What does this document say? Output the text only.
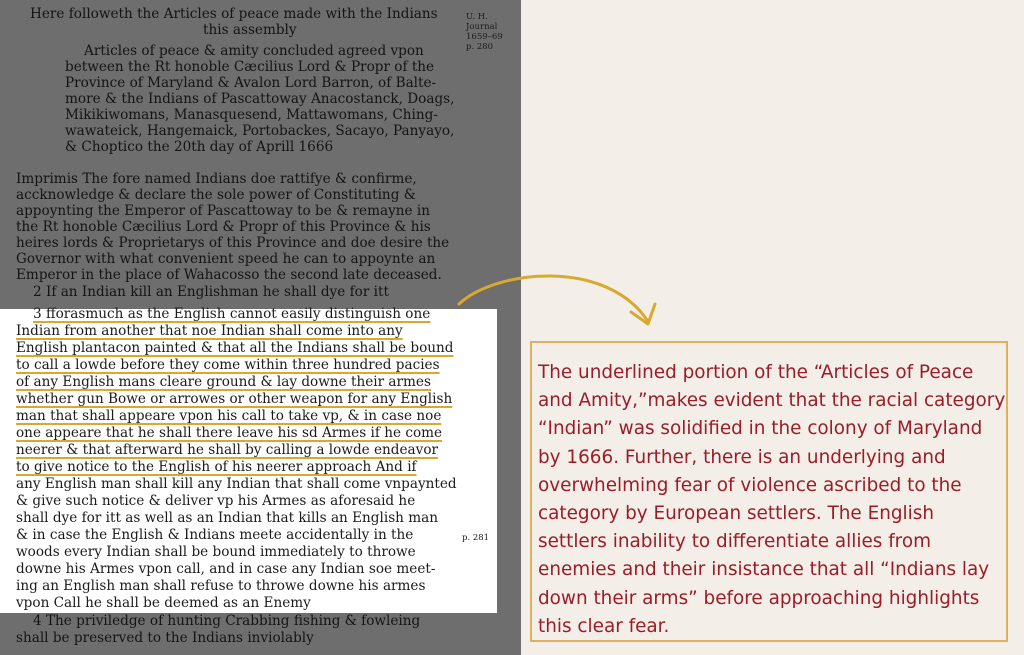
Here followeth the Articles of peace made with the Indians
this assembly
Articles of peace & amity concluded agreed vpon
between the Rt honoble Cæcilius Lord & Propr of the
Province of Maryland & Avalon Lord Barron, of Balte-
more & the Indians of Pascattoway Anacostanck, Doags,
Mikikiwomans, Manasquesend, Mattawomans, Ching-
wawateick, Hangemaick, Portobackes, Sacayo, Panyayo,
& Choptico the 20th day of Aprill 1666
Imprimis The fore named Indians doe rattifye & confirme,
accknowledge & declare the sole power of Constituting &
appoynting the Emperor of Pascattoway to be & remayne in
the Rt honoble Cæcilius Lord & Propr of this Province & his
heires lords & Proprietarys of this Province and doe desire the
Governor with what convenient speed he can to appoynte an
Emperor in the place of Wahacosso the second late deceased.
2 If an Indian kill an Englishman he shall dye for itt
3 fforasmuch as the English cannot easily distinguish one
Indian from another that noe Indian shall come into any
English plantacon painted & that all the Indians shall be bound
to call a lowde before they come within three hundred pacies
of any English mans cleare ground & lay downe their armes
whether gun Bowe or arrowes or other weapon for any English
man that shall appeare vpon his call to take vp, & in case noe
one appeare that he shall there leave his sd Armes if he come
neerer & that afterward he shall by calling a lowde endeavor
to give notice to the English of his neerer approach And if
any English man shall kill any Indian that shall come vnpaynted
& give such notice & deliver vp his Armes as aforesaid he
shall dye for itt as well as an Indian that kills an English man
& in case the English & Indians meete accidentally in the
woods every Indian shall be bound immediately to throwe
downe his Armes vpon call, and in case any Indian soe meet-
ing an English man shall refuse to throwe downe his armes
vpon Call he shall be deemed as an Enemy
4 The priviledge of hunting Crabbing fishing & fowleing
shall be preserved to the Indians inviolably
U. H.
Journal
1659–69
p. 280
p. 281
The underlined portion of the “Articles of Peace and Amity,”makes evident that the racial category “Indian” was solidified in the colony of Maryland by 1666. Further, there is an underlying and overwhelming fear of violence ascribed to the category by European settlers. The English settlers inability to differentiate allies from enemies and their insistance that all “Indians lay down their arms” before approaching highlights this clear fear.
